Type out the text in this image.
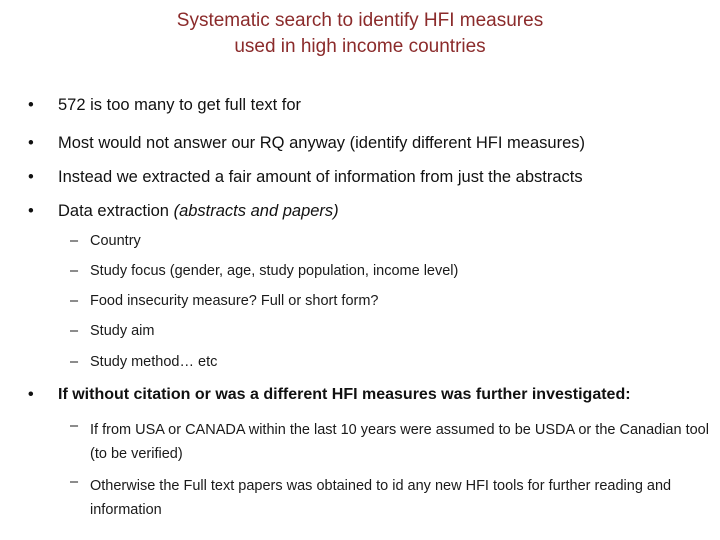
Systematic search to identify HFI measures
used in high income countries
• 572 is too many to get full text for
• Most would not answer our RQ anyway (identify different HFI measures)
• Instead we extracted a fair amount of information from just the abstracts
• Data extraction (abstracts and papers)
– Country
– Study focus (gender, age, study population, income level)
– Food insecurity measure? Full or short form?
– Study aim
– Study method… etc
• If without citation or was a different HFI measures was further investigated:
– If from USA or CANADA within the last 10 years were assumed to be USDA or the Canadian tool (to be verified)
– Otherwise the Full text papers was obtained to id any new HFI tools for further reading and information
